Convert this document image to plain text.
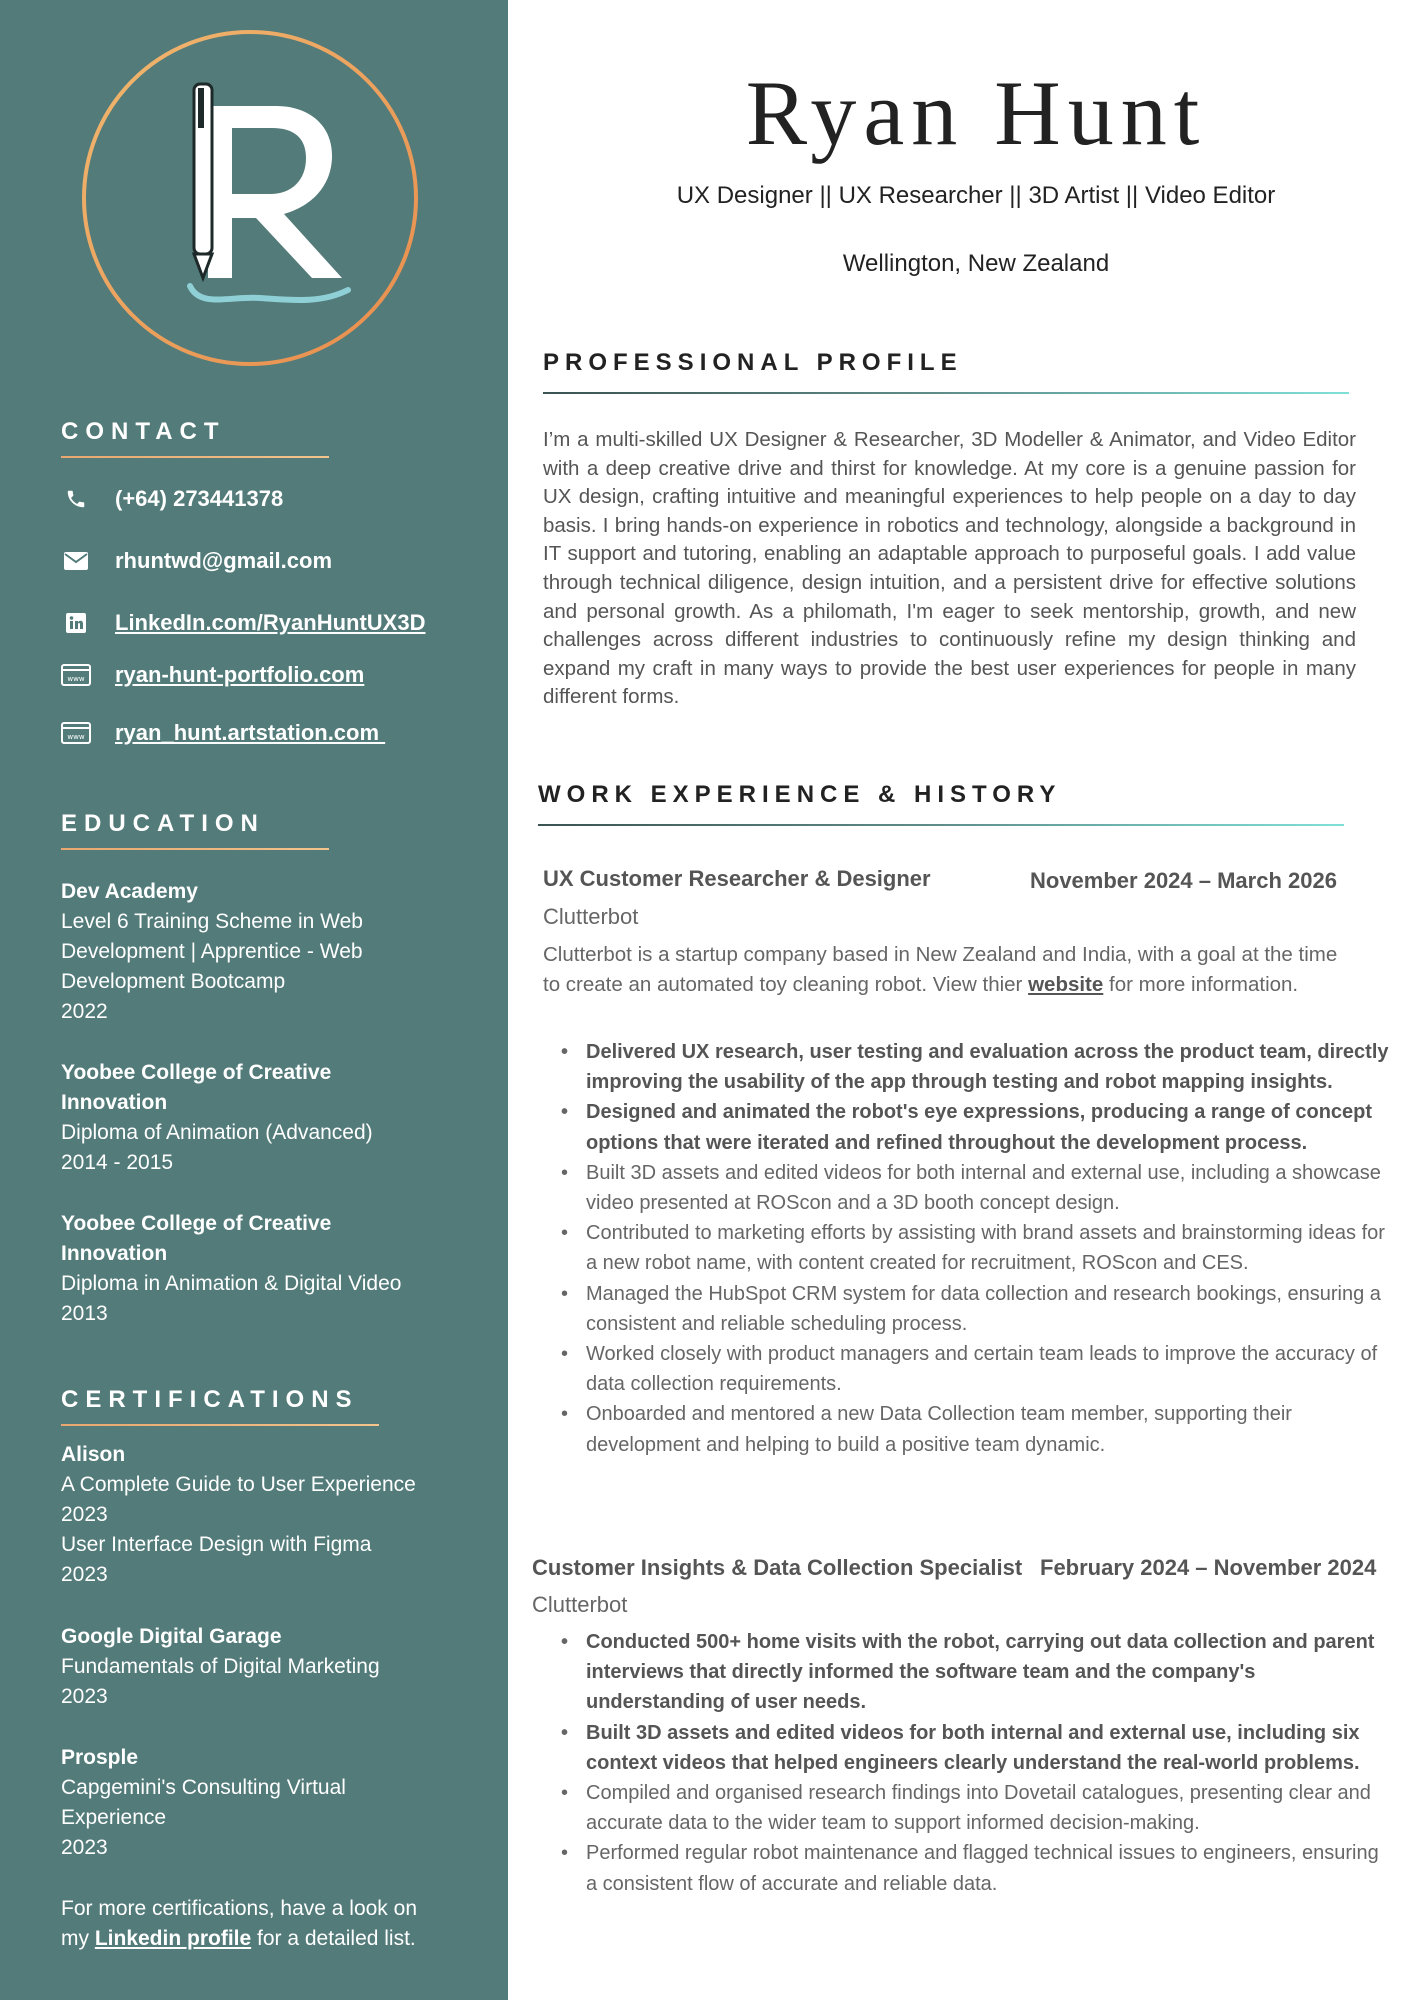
CONTACT
(+64) 273441378
rhuntwd@gmail.com
LinkedIn.com/RyanHuntUX3D
www ryan-hunt-portfolio.com
www ryan_hunt.artstation.com
EDUCATION
Dev Academy
Level 6 Training Scheme in Web
Development | Apprentice - Web
Development Bootcamp
2022
Yoobee College of Creative
Innovation
Diploma of Animation (Advanced)
2014 - 2015
Yoobee College of Creative
Innovation
Diploma in Animation & Digital Video
2013
CERTIFICATIONS
Alison
A Complete Guide to User Experience
2023
User Interface Design with Figma
2023
Google Digital Garage
Fundamentals of Digital Marketing
2023
Prosple
Capgemini's Consulting Virtual
Experience
2023
For more certifications, have a look on
my Linkedin profile for a detailed list.
Ryan Hunt
UX Designer || UX Researcher || 3D Artist || Video Editor
Wellington, New Zealand
PROFESSIONAL PROFILE
I’m a multi-skilled UX Designer & Researcher, 3D Modeller & Animator, and Video Editor with a deep creative drive and thirst for knowledge. At my core is a genuine passion for UX design, crafting intuitive and meaningful experiences to help people on a day to day basis. I bring hands-on experience in robotics and technology, alongside a background in IT support and tutoring, enabling an adaptable approach to purposeful goals. I add value through technical diligence, design intuition, and a persistent drive for effective solutions and personal growth. As a philomath, I'm eager to seek mentorship, growth, and new challenges across different industries to continuously refine my design thinking and expand my craft in many ways to provide the best user experiences for people in many different forms.
WORK EXPERIENCE & HISTORY
UX Customer Researcher & Designer	November 2024 – March 2026
Clutterbot
Clutterbot is a startup company based in New Zealand and India, with a goal at the time to create an automated toy cleaning robot. View thier website for more information.
• Delivered UX research, user testing and evaluation across the product team, directly improving the usability of the app through testing and robot mapping insights.
• Designed and animated the robot's eye expressions, producing a range of concept options that were iterated and refined throughout the development process.
• Built 3D assets and edited videos for both internal and external use, including a showcase video presented at ROScon and a 3D booth concept design.
• Contributed to marketing efforts by assisting with brand assets and brainstorming ideas for a new robot name, with content created for recruitment, ROScon and CES.
• Managed the HubSpot CRM system for data collection and research bookings, ensuring a consistent and reliable scheduling process.
• Worked closely with product managers and certain team leads to improve the accuracy of data collection requirements.
• Onboarded and mentored a new Data Collection team member, supporting their development and helping to build a positive team dynamic.
Customer Insights & Data Collection Specialist February 2024 – November 2024
Clutterbot
• Conducted 500+ home visits with the robot, carrying out data collection and parent interviews that directly informed the software team and the company's understanding of user needs.
• Built 3D assets and edited videos for both internal and external use, including six context videos that helped engineers clearly understand the real-world problems.
• Compiled and organised research findings into Dovetail catalogues, presenting clear and accurate data to the wider team to support informed decision-making.
• Performed regular robot maintenance and flagged technical issues to engineers, ensuring a consistent flow of accurate and reliable data.
